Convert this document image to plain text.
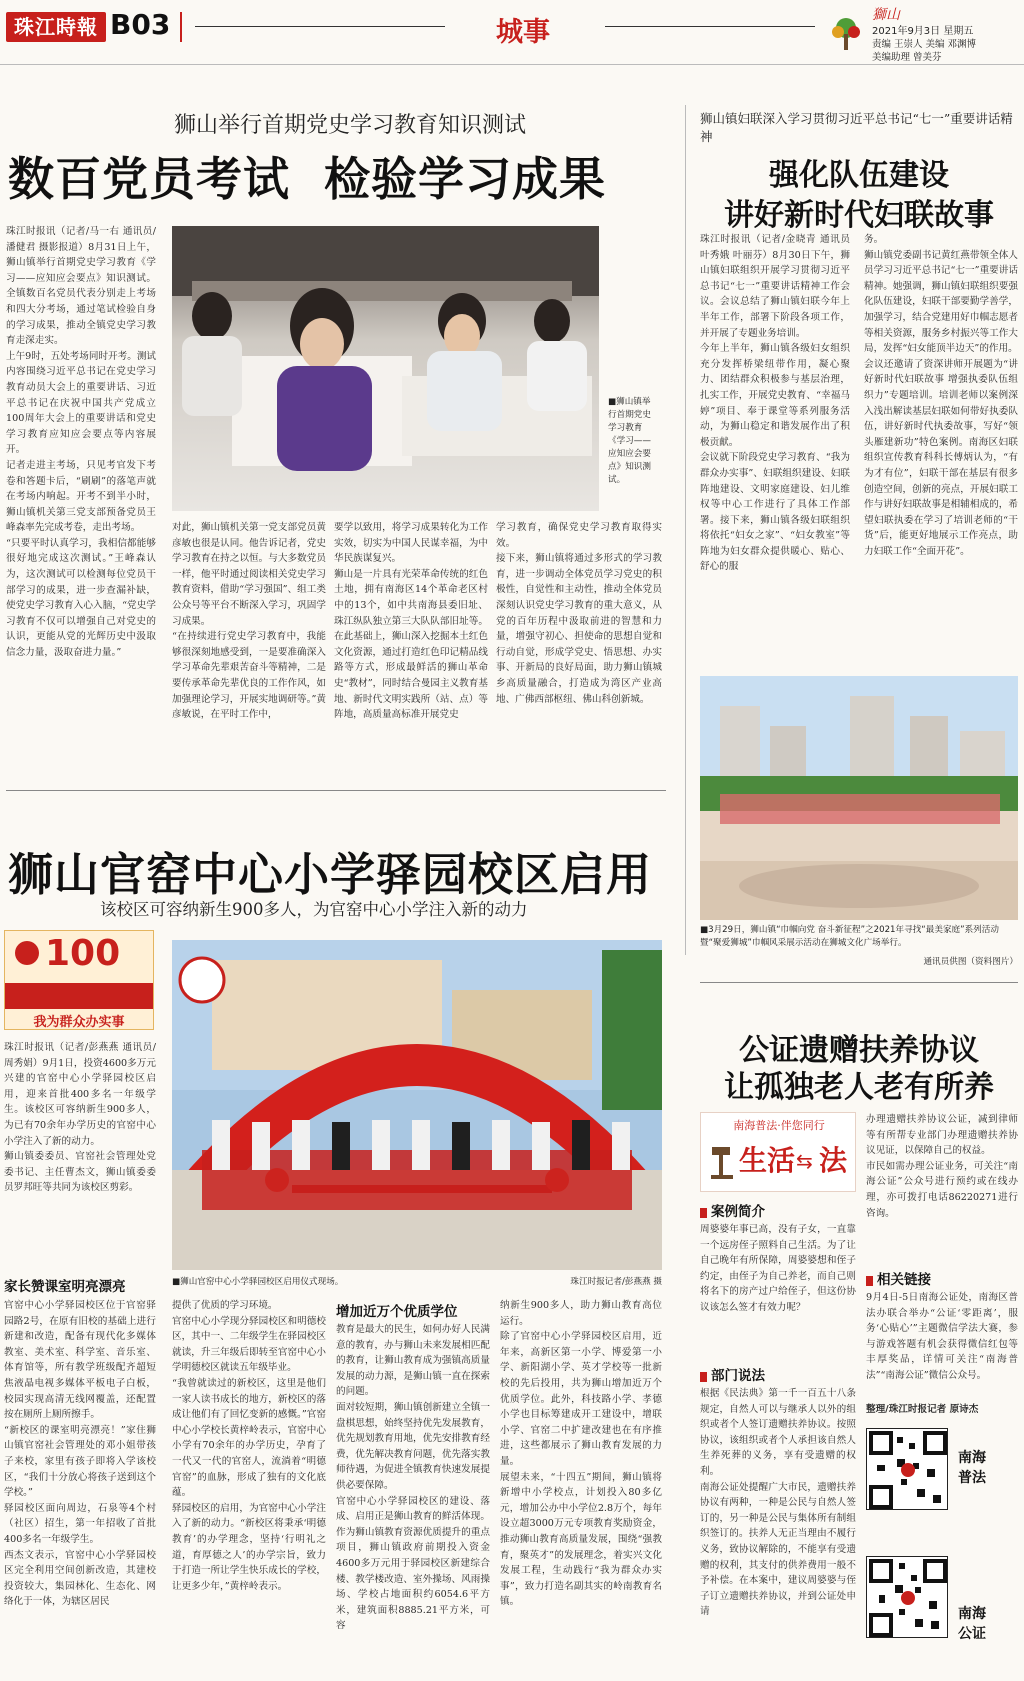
珠江時報 B03	城事
獅山
2021年9月3日 星期五
责编 王崇人 美编 邓渊博
美编助理 曾美芬
狮山举行首期党史学习教育知识测试
数百党员考试  检验学习成果
珠江时报讯（记者/马一右 通讯员/潘健君 摄影报道）8月31日上午，狮山镇举行首期党史学习教育《学习——应知应会要点》知识测试。全镇数百名党员代表分别走上考场和四大分考场，通过笔试检验自身的学习成果，推动全镇党史学习教育走深走实。
上午9时，五处考场同时开考。测试内容围绕习近平总书记在党史学习教育动员大会上的重要讲话、习近平总书记在庆祝中国共产党成立100周年大会上的重要讲话和党史学习教育应知应会要点等内容展开。
记者走进主考场，只见考官发下考卷和答题卡后，“刷刷”的落笔声就在考场内响起。开考不到半小时，狮山镇机关第三党支部预备党员王峰森率先完成考卷，走出考场。
“只要平时认真学习，我相信都能够很好地完成这次测试。”王峰森认为，这次测试可以检测每位党员干部学习的成果，进一步查漏补缺，使党史学习教育入心入脑，“党史学习教育不仅可以增强自己对党史的认识，更能从党的光辉历史中汲取信念力量，汲取奋进力量。”
■狮山镇举行首期党史学习教育《学习——应知应会要点》知识测试。
对此，狮山镇机关第一党支部党员黄彦敏也很是认同。他告诉记者，党史学习教育在持之以恒。与大多数党员一样，他平时通过阅读相关党史学习教育资料，借助“学习强国”、组工类公众号等平台不断深入学习，巩固学习成果。
“在持续进行党史学习教育中，我能够很深刻地感受到，一是要准确深入学习革命先辈艰苦奋斗等精神，二是要传承革命先辈优良的工作作风，如加强理论学习，开展实地调研等。”黄彦敏说，在平时工作中，
要学以致用，将学习成果转化为工作实效，切实为中国人民谋幸福，为中华民族谋复兴。
狮山是一片具有光荣革命传统的红色土地，拥有南海区14个革命老区村中的13个，如中共南海县委旧址、珠江纵队独立第三大队队部旧址等。在此基础上，狮山深入挖掘本土红色文化资源，通过打造红色印记精品线路等方式，形成最鲜活的狮山革命史“教材”，同时结合曼园主义教育基地、新时代文明实践所（站、点）等阵地，高质量高标准开展党史
学习教育，确保党史学习教育取得实效。
接下来，狮山镇将通过多形式的学习教育，进一步调动全体党员学习党史的积极性，自觉性和主动性，推动全体党员深刻认识党史学习教育的重大意义，从党的百年历程中汲取前进的智慧和力量，增强守初心、担使命的思想自觉和行动自觉，形成学党史、悟思想、办实事、开新局的良好局面，助力狮山镇城乡高质量融合，打造成为湾区产业高地、广佛西部枢纽、佛山科创新城。
狮山官窑中心小学驿园校区启用
该校区可容纳新生900多人，为官窑中心小学注入新的动力
100
我为群众办实事
珠江时报讯（记者/彭燕燕 通讯员/周秀娟）9月1日，投资4600多万元兴建的官窑中心小学驿园校区启用，迎来首批400多名一年级学生。该校区可容纳新生900多人，为已有70余年办学历史的官窑中心小学注入了新的动力。
狮山镇委委员、官窑社会管理处党委书记、主任曹杰文，狮山镇委委员罗邦旺等共同为该校区剪彩。
家长赞课室明亮漂亮
官窑中心小学驿园校区位于官窑驿园路2号，在原有旧校的基础上进行新建和改造，配备有现代化多媒体教室、美术室、科学室、音乐室、体育馆等，所有教学班级配齐超短焦液晶电视多媒体平板电子白板，校园实现高清无线网覆盖，还配置按在厕所上厕所擦手。
“新校区的课室明亮漂亮！”家住狮山镇官窑社会管理处的邓小姐带孩子来校，家里有孩子即将入学该校区，“我们十分放心将孩子送到这个学校。”
驿园校区面向周边，石泉等4个村（社区）招生，第一年招收了首批400多名一年级学生。
西杰文表示，官窑中心小学驿园校区完全利用空间创新改造，其建校投资较大，集园林化、生态化、网络化于一体，为辖区居民
■狮山官窑中心小学驿园校区启用仪式现场。	珠江时报记者/彭燕燕 摄
提供了优质的学习环境。
官窑中心小学现分驿园校区和明德校区，其中一、二年级学生在驿园校区就读，升三年级后即转至官窑中心小学明德校区就读五年级毕业。
“我曾就读过的新校区，这里是他们一家人读书成长的地方，新校区的落成让他们有了回忆变新的感慨。”官窑中心小学校长黄梓岭表示，官窑中心小学有70余年的办学历史，孕育了一代又一代的官窑人，流淌着“明德官窑”的血脉，形成了独有的文化底蕴。
驿园校区的启用，为官窑中心小学注入了新的动力。“新校区将秉承‘明德教育’的办学理念，坚持‘行明礼之道，育厚德之人’的办学宗旨，致力于打造一所让学生快乐成长的学校，让更多少年，”黄梓岭表示。
增加近万个优质学位
教育是最大的民生，如何办好人民满意的教育，办与狮山未来发展相匹配的教育，让狮山教育成为强镇高质量发展的动力源，是狮山镇一直在探索的问题。
面对较短期，狮山镇创新建立全镇一盘棋思想，始终坚持优先发展教育，优先规划教育用地，优先安排教育经费，优先解决教育问题，优先落实教师待遇，为促进全镇教育快速发展提供必要保障。
官窑中心小学驿园校区的建设、落成、启用正是狮山教育的鲜活体现。作为狮山镇教育资源优质提升的重点项目，狮山镇政府前期投入资金4600多万元用于驿园校区新建综合楼、教学楼改造、室外操场、风雨操场、学校占地面积约6054.6平方米，建筑面积8885.21平方米，可容
纳新生900多人，助力狮山教育高位运行。
除了官窑中心小学驿园校区启用，近年来，高新区第一小学、博爱第一小学、新阳湖小学、英才学校等一批新校的先后投用，共为狮山增加近万个优质学位。此外，科技路小学、孝德小学也目标筹建成开工建设中，增联小学、官窑二中扩建改建也在有序推进，这些都展示了狮山教育发展的力量。
展望未来，“十四五”期间，狮山镇将新增中小学校点，计划投入80多亿元，增加公办中小学位2.8万个，每年设立超3000万元专项教育奖励资金，推动狮山教育高质量发展，围绕“强教育，聚英才”的发展理念，着实兴文化发展工程，生动践行“我为群众办实事”，致力打造名副其实的岭南教育名镇。
狮山镇妇联深入学习贯彻习近平总书记“七一”重要讲话精神
强化队伍建设
讲好新时代妇联故事
珠江时报讯（记者/金晓青 通讯员 叶秀娥 叶丽芬）8月30日下午，狮山镇妇联组织开展学习贯彻习近平总书记“七一”重要讲话精神工作会议。会议总结了狮山镇妇联今年上半年工作，部署下阶段各项工作，并开展了专题业务培训。
今年上半年，狮山镇各级妇女组织充分发挥桥梁纽带作用，凝心聚力、团结群众积极参与基层治理，扎实工作，开展党史教育、“幸福马婷”项目、奉于课堂等系列服务活动，为狮山稳定和谐发展作出了积极贡献。
会议就下阶段党史学习教育、“我为群众办实事”、妇联组织建设、妇联阵地建设、文明家庭建设、妇儿维权等中心工作进行了具体工作部署。接下来，狮山镇各级妇联组织将依托“妇女之家”、“妇女教室”等阵地为妇女群众提供暖心、贴心、舒心的服
务。
狮山镇党委副书记黄红燕带领全体人员学习习近平总书记“七一”重要讲话精神。她强调，狮山镇妇联组织要强化队伍建设，妇联干部要勤学善学，加强学习，结合党建用好巾帼志愿者等相关资源，服务乡村振兴等工作大局，发挥“妇女能顶半边天”的作用。
会议还邀请了资深讲师开展题为“讲好新时代妇联故事 增强执委队伍组织力”专题培训。培训老师以案例深入浅出解读基层妇联如何带好执委队伍，讲好新时代执委故事，写好“领头雁建新功”特色案例。南海区妇联组织宣传教育科科长傅炳认为，“有为才有位”，妇联干部在基层有很多创造空间，创新的亮点，开展妇联工作与讲好妇联故事是相辅相成的，希望妇联执委在学习了培训老师的“干货”后，能更好地展示工作亮点，助力妇联工作“全面开花”。
■3月29日，狮山镇“巾帼向党 奋斗新征程”之2021年寻找“最美家庭”系列活动暨“聚爱狮城”巾帼风采展示活动在狮城文化广场举行。
通讯员供图（资料图片）
公证遗赠扶养协议
让孤独老人老有所养
南海普法·伴您同行
生活 ⇆ 法
案例简介
周婆婆年事已高，没有子女，一直靠一个远房侄子照料自己生活。为了让自己晚年有所保障，周婆婆想和侄子约定，由侄子为自己养老，而自己则将名下的房产过户给侄子，但这份协议该怎么签才有效力呢？
部门说法
根据《民法典》第一千一百五十八条规定，自然人可以与继承人以外的组织或者个人签订遗赠扶养协议。按照协议，该组织或者个人承担该自然人生养死葬的义务，享有受遗赠的权利。
南海公证处提醒广大市民，遗赠扶养协议有两种，一种是公民与自然人签订的，另一种是公民与集体所有制组织签订的。扶养人无正当理由不履行义务，致协议解除的，不能享有受遗赠的权利，其支付的供养费用一般不予补偿。在本案中，建议周婆婆与侄子订立遗赠扶养协议，并到公证处申请
办理遗赠扶养协议公证，减到律师等有所帮专业部门办理遗赠扶养协议见证，以保障自己的权益。
市民如需办理公证业务，可关注“南海公证”公众号进行预约或在线办理，亦可拨打电话86220271进行咨询。
相关链接
9月4日-5日南海公证处，南海区普法办联合举办“公证‘零距离’，服务‘心贴心’”主题微信学法大赛，参与游戏答题有机会获得微信红包等丰厚奖品，详情可关注“南海普法”“南海公证”微信公众号。
整理/珠江时报记者 原诗杰
南海
普法
南海
公证
